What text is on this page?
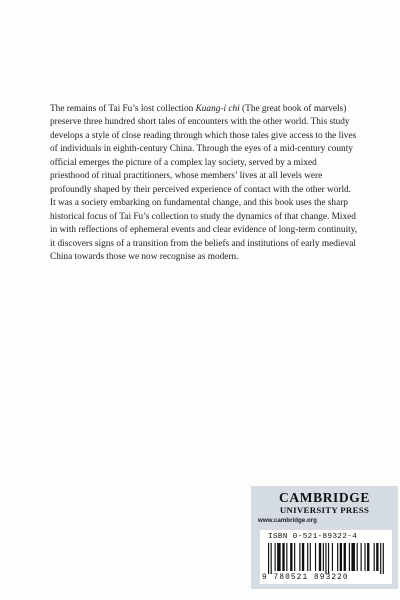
The remains of Tai Fu’s lost collection Kuang-i chi (The great book of marvels) preserve three hundred short tales of encounters with the other world. This study develops a style of close reading through which those tales give access to the lives of individuals in eighth-century China. Through the eyes of a mid-century county official emerges the picture of a complex lay society, served by a mixed priesthood of ritual practitioners, whose members’ lives at all levels were profoundly shaped by their perceived experience of contact with the other world. It was a society embarking on fundamental change, and this book uses the sharp historical focus of Tai Fu’s collection to study the dynamics of that change. Mixed in with reflections of ephemeral events and clear evidence of long-term continuity, it discovers signs of a transition from the beliefs and institutions of early medieval China towards those we now recognise as modern.

CAMBRIDGE
UNIVERSITY PRESS
www.cambridge.org
ISBN 0-521-89322-4
9 780521 893220
